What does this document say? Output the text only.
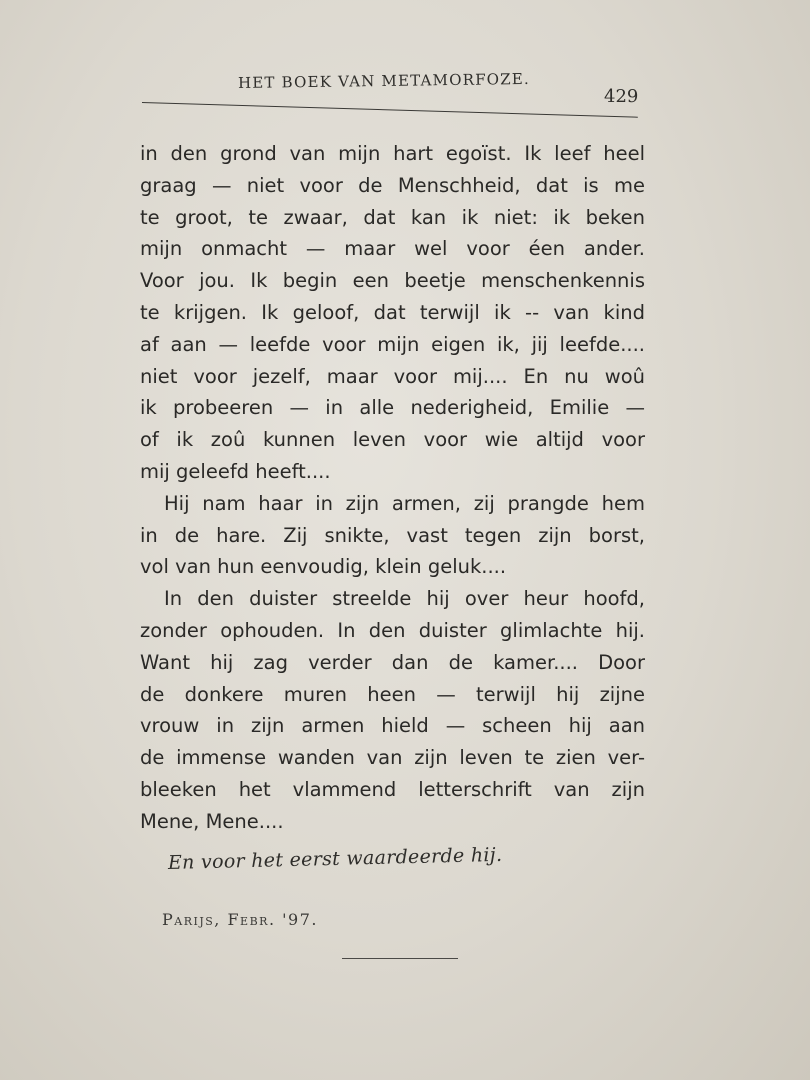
HET BOEK VAN METAMORFOZE.
429
in den grond van mijn hart egoïst. Ik leef heel
graag — niet voor de Menschheid, dat is me
te groot, te zwaar, dat kan ik niet: ik beken
mijn onmacht — maar wel voor éen ander.
Voor jou. Ik begin een beetje menschenkennis
te krijgen. Ik geloof, dat terwijl ik -- van kind
af aan — leefde voor mijn eigen ik, jij leefde....
niet voor jezelf, maar voor mij.... En nu woû
ik probeeren — in alle nederigheid, Emilie —
of ik zoû kunnen leven voor wie altijd voor
mij geleefd heeft....
Hij nam haar in zijn armen, zij prangde hem
in de hare. Zij snikte, vast tegen zijn borst,
vol van hun eenvoudig, klein geluk....
In den duister streelde hij over heur hoofd,
zonder ophouden. In den duister glimlachte hij.
Want hij zag verder dan de kamer.... Door
de donkere muren heen — terwijl hij zijne
vrouw in zijn armen hield — scheen hij aan
de immense wanden van zijn leven te zien ver-
bleeken het vlammend letterschrift van zijn
Mene, Mene....
En voor het eerst waardeerde hij.
Parijs, Febr. '97.
